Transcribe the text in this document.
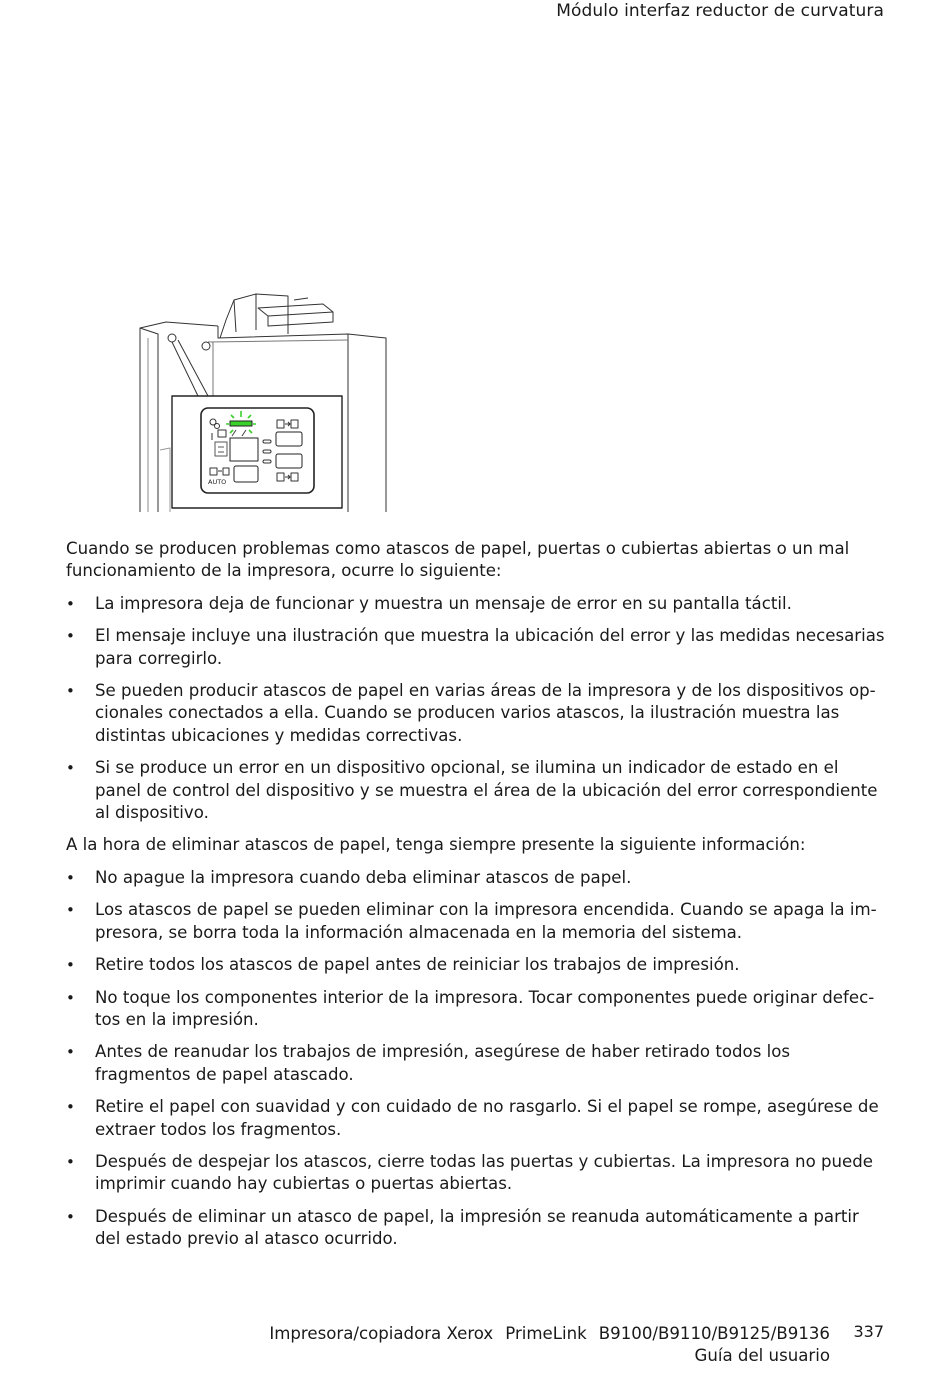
Módulo interfaz reductor de curvatura
AUTO

Cuando se producen problemas como atascos de papel, puertas o cubiertas abiertas o un mal funcionamiento de la impresora, ocurre lo siguiente:

• La impresora deja de funcionar y muestra un mensaje de error en su pantalla táctil.
• El mensaje incluye una ilustración que muestra la ubicación del error y las medidas necesarias para corregirlo.
• Se pueden producir atascos de papel en varias áreas de la impresora y de los dispositivos opcionales conectados a ella. Cuando se producen varios atascos, la ilustración muestra las distintas ubicaciones y medidas correctivas.
• Si se produce un error en un dispositivo opcional, se ilumina un indicador de estado en el panel de control del dispositivo y se muestra el área de la ubicación del error correspondiente al dispositivo.

A la hora de eliminar atascos de papel, tenga siempre presente la siguiente información:

• No apague la impresora cuando deba eliminar atascos de papel.
• Los atascos de papel se pueden eliminar con la impresora encendida. Cuando se apaga la impresora, se borra toda la información almacenada en la memoria del sistema.
• Retire todos los atascos de papel antes de reiniciar los trabajos de impresión.
• No toque los componentes interior de la impresora. Tocar componentes puede originar defectos en la impresión.
• Antes de reanudar los trabajos de impresión, asegúrese de haber retirado todos los fragmentos de papel atascado.
• Retire el papel con suavidad y con cuidado de no rasgarlo. Si el papel se rompe, asegúrese de extraer todos los fragmentos.
• Después de despejar los atascos, cierre todas las puertas y cubiertas. La impresora no puede imprimir cuando hay cubiertas o puertas abiertas.
• Después de eliminar un atasco de papel, la impresión se reanuda automáticamente a partir del estado previo al atasco ocurrido.
Impresora/copiadora Xerox PrimeLink B9100/B9110/B9125/B9136
Guía del usuario
337
